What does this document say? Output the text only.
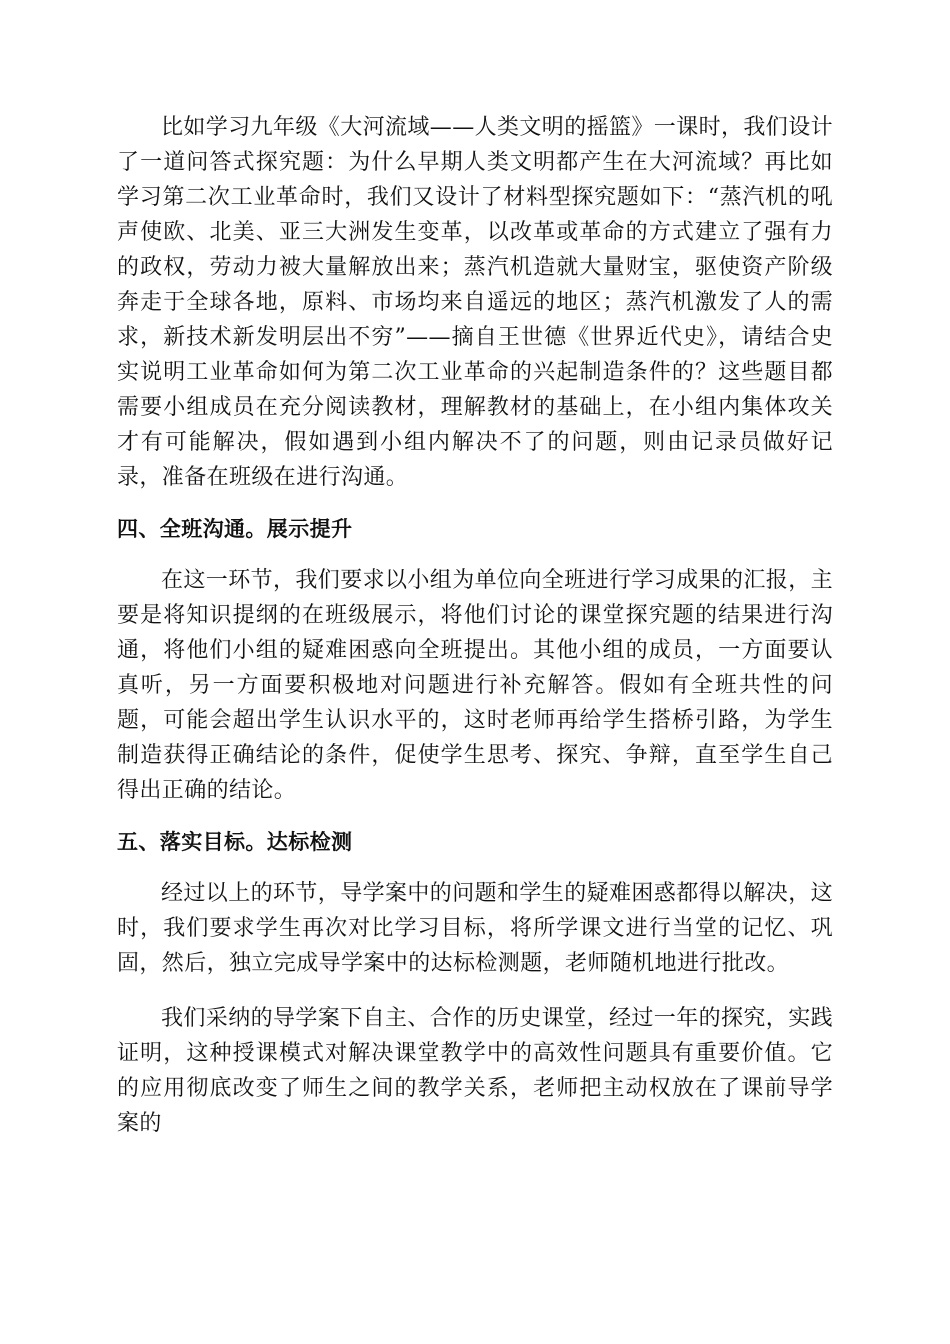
比如学习九年级《大河流域——人类文明的摇篮》一课时，我们设计了一道问答式探究题：为什么早期人类文明都产生在大河流域？再比如学习第二次工业革命时，我们又设计了材料型探究题如下：“蒸汽机的吼声使欧、北美、亚三大洲发生变革，以改革或革命的方式建立了强有力的政权，劳动力被大量解放出来；蒸汽机造就大量财宝，驱使资产阶级奔走于全球各地，原料、市场均来自遥远的地区；蒸汽机激发了人的需求，新技术新发明层出不穷”——摘自王世德《世界近代史》，请结合史实说明工业革命如何为第二次工业革命的兴起制造条件的？这些题目都需要小组成员在充分阅读教材，理解教材的基础上，在小组内集体攻关才有可能解决，假如遇到小组内解决不了的问题，则由记录员做好记录，准备在班级在进行沟通。

四、全班沟通。展示提升

在这一环节，我们要求以小组为单位向全班进行学习成果的汇报，主要是将知识提纲的在班级展示，将他们讨论的课堂探究题的结果进行沟通，将他们小组的疑难困惑向全班提出。其他小组的成员，一方面要认真听，另一方面要积极地对问题进行补充解答。假如有全班共性的问题，可能会超出学生认识水平的，这时老师再给学生搭桥引路，为学生制造获得正确结论的条件，促使学生思考、探究、争辩，直至学生自己得出正确的结论。

五、落实目标。达标检测

经过以上的环节，导学案中的问题和学生的疑难困惑都得以解决，这时，我们要求学生再次对比学习目标，将所学课文进行当堂的记忆、巩固，然后，独立完成导学案中的达标检测题，老师随机地进行批改。

我们采纳的导学案下自主、合作的历史课堂，经过一年的探究，实践证明，这种授课模式对解决课堂教学中的高效性问题具有重要价值。它的应用彻底改变了师生之间的教学关系，老师把主动权放在了课前导学案的
